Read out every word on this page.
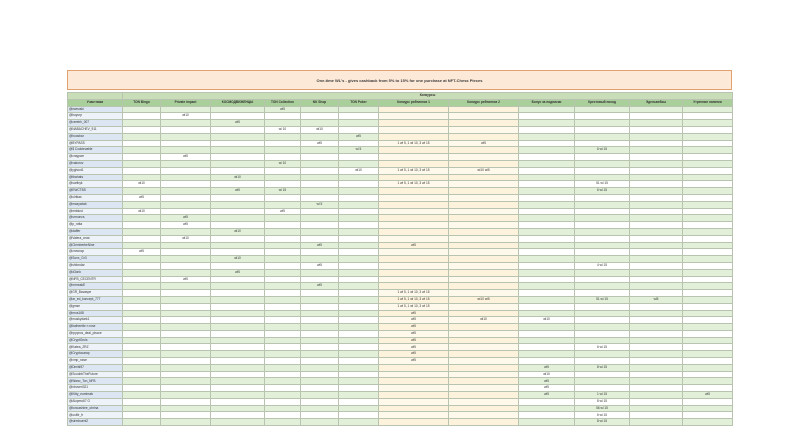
One-time WL's - gives cashback from 5% to 15% for one purchase at NFT-Chess Pieces
	Конкурсы											
Участники	TON Bingo	Private impact	КОСМОДВИЖЕНЦЫ	TON Collection	NK Shop	TON Poker	Конкурс рейтингов 1	Конкурс рейтингов 2	Бонус за подписки	Крестовый поход	Эдельвейсы	Утренние напитки
@ewezaki				wl5								
@buyurp		wl10										
@cerebh_007			wl5									
@NABACHEV_911				wl 10	wl10							
@hoosbar						wl5						
@BYPASS					wl5		1 wl 5, 1 wl 10, 3 wl 15	wl5				
@$ Cocktevable						wl 5				6 wl 15		
@craypwn		wl5										
@vakorov				wl 10								
@yghoot1						wl10	1 wl 5, 1 wl 10, 3 wl 15	wl10 wl5				
@tkwhats			wl10									
@sortbyk	wl10						1 wl 5, 1 wl 10, 3 wl 15			51 wl 15		
@EWCTBS			wl5	wl 15						6 wl 15		
@ulrtkas	wl5											
@mazywtab					wl 5							
@mrldust	wl10			wl5								
@srrnoncs		wl5										
@p_rotta		wl5										
@daffer			wl10									
@Valera_crow		wl10										
@ClemberbeNine					wl5		wl5					
@crowncp	wl5											
@Sonx_Gr3			wl10									
@shfondar					wl5					4 wl 15		
@d3onk			wl5									
@NFB_CECENTR		wl5										
@mrmrakE					wl5							
@GR_Bavaspe							1 wl 5, 1 wl 10, 3 wl 15					
@ar_ed_koncept_777							1 wl 5, 1 wl 10, 3 wl 15	wl10 wl5		51 wl 15	wl5	
@gmse							1 wl 5, 1 wl 10, 3 wl 15					
@eros168							wl5					
@muskydark1							wl5	wl10	wl10			
@batheetbr n rose							wl5					
@rpppros_deal_piscce							wl5					
@CryptGruls							wl5					
@Katea_ZRZ							wl5			6 wl 15		
@Cryptocarap							wl5					
@vmp_nave							wl5					
@Dmitk97									wl5	8 wl 15		
@ScoobbTheFuture									wl10			
@Wano_Ton_NFB									wl5			
@nboveri321									wl5			
@Kitty_eumhsek									wl5	1 wl 15		wl5
@Alopmo67 G										8 wl 15		
@toncashiee_obrina										56 wl 15		
@uoMr_fr										6 wl 15		
@sirmbuent2										8 wl 15		
